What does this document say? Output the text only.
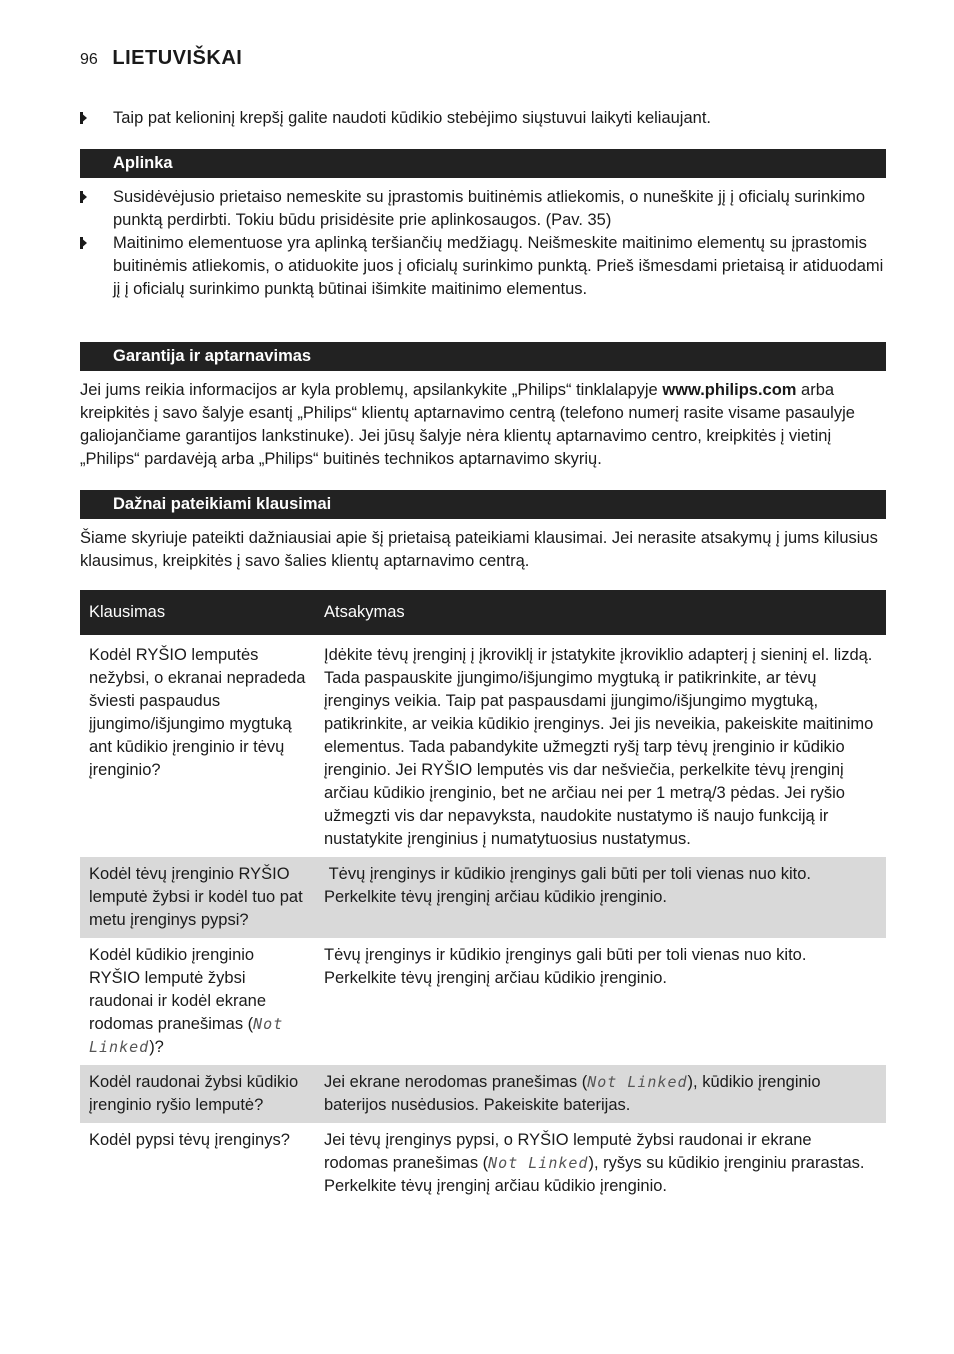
96 LIETUVIŠKAI
Taip pat kelioninį krepšį galite naudoti kūdikio stebėjimo siųstuvui laikyti keliaujant.
Aplinka
Susidėvėjusio prietaiso nemeskite su įprastomis buitinėmis atliekomis, o nuneškite jį į oficialų surinkimo punktą perdirbti. Tokiu būdu prisidėsite prie aplinkosaugos. (Pav. 35)
Maitinimo elementuose yra aplinką teršiančių medžiagų. Neišmeskite maitinimo elementų su įprastomis buitinėmis atliekomis, o atiduokite juos į oficialų surinkimo punktą. Prieš išmesdami prietaisą ir atiduodami jį į oficialų surinkimo punktą būtinai išimkite maitinimo elementus.
Garantija ir aptarnavimas
Jei jums reikia informacijos ar kyla problemų, apsilankykite „Philips“ tinklalapyje www.philips.com arba kreipkitės į savo šalyje esantį „Philips“ klientų aptarnavimo centrą (telefono numerį rasite visame pasaulyje galiojančiame garantijos lankstinuke). Jei jūsų šalyje nėra klientų aptarnavimo centro, kreipkitės į vietinį „Philips“ pardavėją arba „Philips“ buitinės technikos aptarnavimo skyrių.
Dažnai pateikiami klausimai
Šiame skyriuje pateikti dažniausiai apie šį prietaisą pateikiami klausimai. Jei nerasite atsakymų į jums kilusius klausimus, kreipkitės į savo šalies klientų aptarnavimo centrą.
Klausimas	Atsakymas
Kodėl RYŠIO lemputės nežybsi, o ekranai nepradeda šviesti paspaudus įjungimo/išjungimo mygtuką ant kūdikio įrenginio ir tėvų įrenginio?	Įdėkite tėvų įrenginį į įkroviklį ir įstatykite įkroviklio adapterį į sieninį el. lizdą. Tada paspauskite įjungimo/išjungimo mygtuką ir patikrinkite, ar tėvų įrenginys veikia. Taip pat paspausdami įjungimo/išjungimo mygtuką, patikrinkite, ar veikia kūdikio įrenginys. Jei jis neveikia, pakeiskite maitinimo elementus. Tada pabandykite užmegzti ryšį tarp tėvų įrenginio ir kūdikio įrenginio. Jei RYŠIO lemputės vis dar nešviečia, perkelkite tėvų įrenginį arčiau kūdikio įrenginio, bet ne arčiau nei per 1 metrą/3 pėdas. Jei ryšio užmegzti vis dar nepavyksta, naudokite nustatymo iš naujo funkciją ir nustatykite įrenginius į numatytuosius nustatymus.
Kodėl tėvų įrenginio RYŠIO lemputė žybsi ir kodėl tuo pat metu įrenginys pypsi?	Tėvų įrenginys ir kūdikio įrenginys gali būti per toli vienas nuo kito. Perkelkite tėvų įrenginį arčiau kūdikio įrenginio.
Kodėl kūdikio įrenginio RYŠIO lemputė žybsi raudonai ir kodėl ekrane rodomas pranešimas (Not Linked)?	Tėvų įrenginys ir kūdikio įrenginys gali būti per toli vienas nuo kito. Perkelkite tėvų įrenginį arčiau kūdikio įrenginio.
Kodėl raudonai žybsi kūdikio įrenginio ryšio lemputė?	Jei ekrane nerodomas pranešimas (Not Linked), kūdikio įrenginio baterijos nusėdusios. Pakeiskite baterijas.
Kodėl pypsi tėvų įrenginys?	Jei tėvų įrenginys pypsi, o RYŠIO lemputė žybsi raudonai ir ekrane rodomas pranešimas (Not Linked), ryšys su kūdikio įrenginiu prarastas. Perkelkite tėvų įrenginį arčiau kūdikio įrenginio.
